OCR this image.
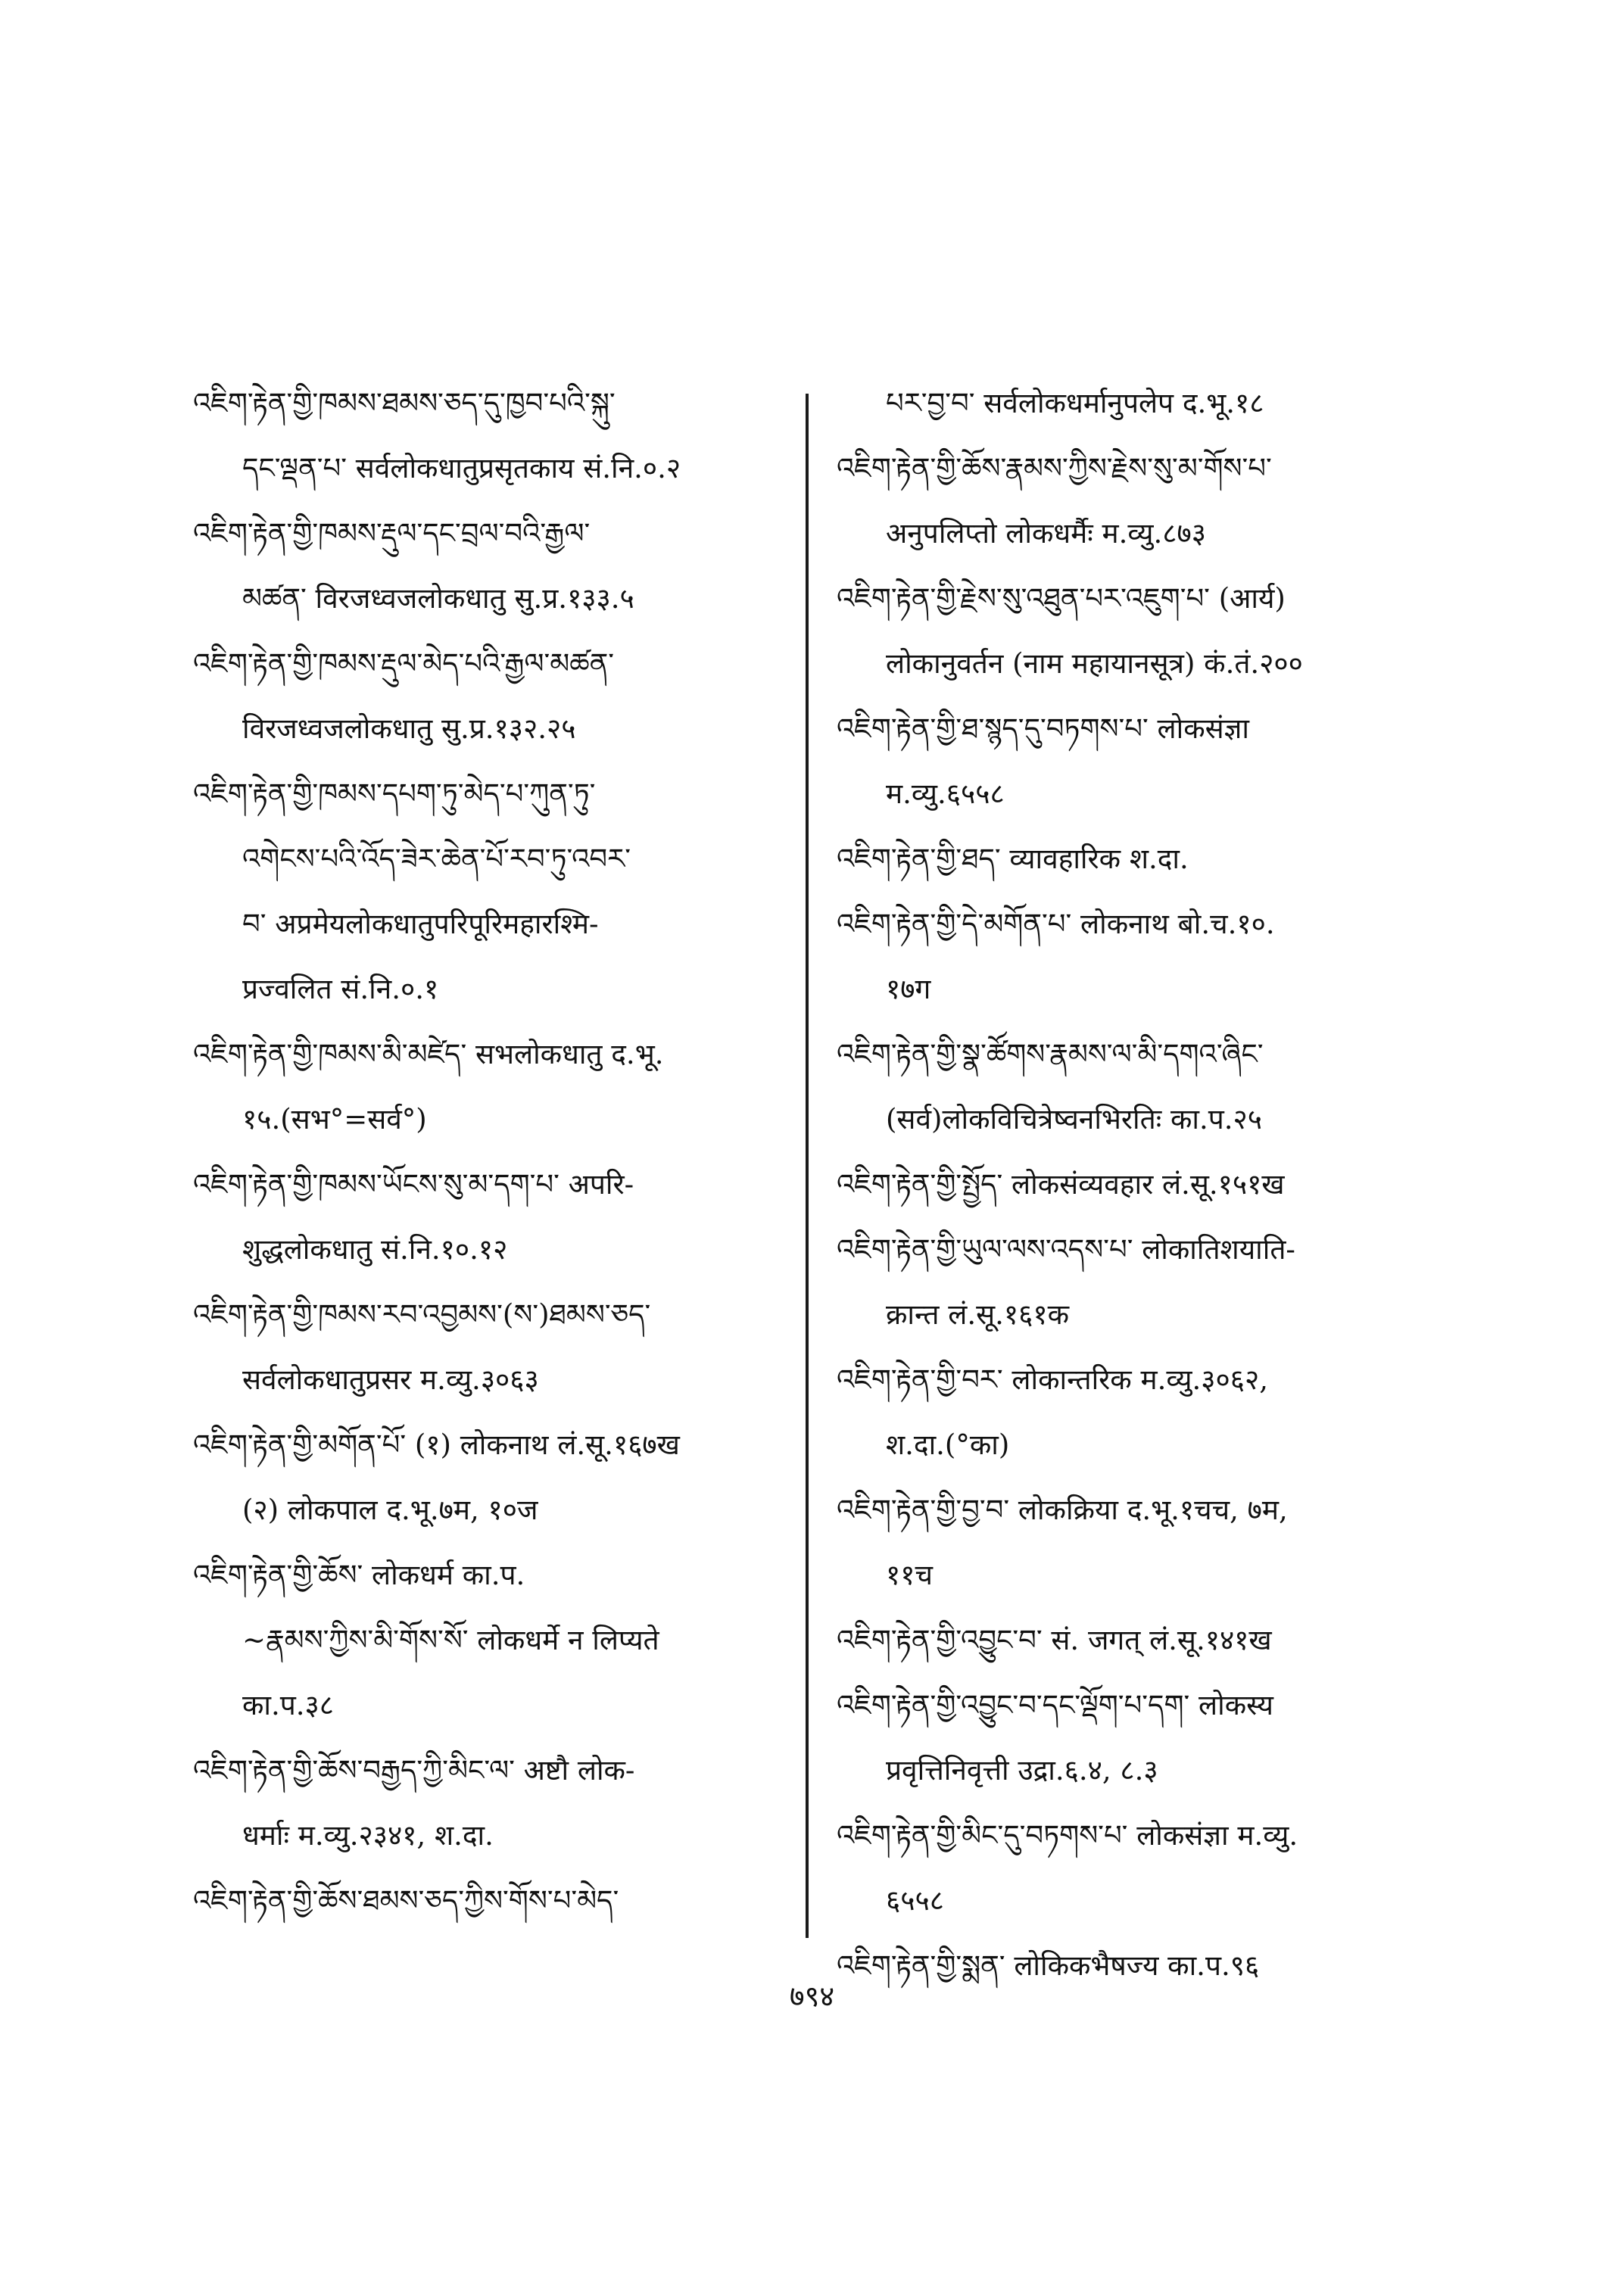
འཇིག་རྟེན་གྱི་ཁམས་ཐམས་ཅད་དུ་ཁྱབ་པའི་སྐུ་
དང་ལྡན་པ་ सर्वलोकधातुप्रसृतकाय सं.नि.०.२
འཇིག་རྟེན་གྱི་ཁམས་རྡུལ་དང་བྲལ་བའི་རྒྱལ་
མཚན་ विरजध्वजलोकधातु सु.प्र.१३३.५
འཇིག་རྟེན་གྱི་ཁམས་རྡུལ་མེད་པའི་རྒྱལ་མཚན་
विरजध्वजलोकधातु सु.प्र.१३२.२५
འཇིག་རྟེན་གྱི་ཁམས་དཔག་ཏུ་མེད་པ་ཀུན་ཏུ་
འགེངས་པའི་འོད་ཟེར་ཆེན་པོ་རབ་ཏུ་འབར་
བ་ अप्रमेयलोकधातुपरिपूरिमहारश्मि-
प्रज्वलित सं.नि.०.१
འཇིག་རྟེན་གྱི་ཁམས་མི་མཛེད་ सभलोकधातु द.भू.
१५.(सभ°=सर्व°)
འཇིག་རྟེན་གྱི་ཁམས་ཡོངས་སུ་མ་དག་པ་ अपरि-
शुद्धलोकधातु सं.नि.१०.१२
འཇིག་རྟེན་གྱི་ཁམས་རབ་འབྱམས་(ས་)ཐམས་ཅད་
सर्वलोकधातुप्रसर म.व्यु.३०६३
འཇིག་རྟེན་གྱི་མགོན་པོ་ (१) लोकनाथ लं.सू.१६७ख
(२) लोकपाल द.भू.७म, १०ज
འཇིག་རྟེན་གྱི་ཆོས་ लोकधर्म का.प.
~རྣམས་ཀྱིས་མི་གོས་སོ་ लोकधर्मे न लिप्यते
का.प.३८
འཇིག་རྟེན་གྱི་ཆོས་བརྒྱད་ཀྱི་མིང་ལ་ अष्टौ लोक-
धर्माः म.व्यु.२३४१, श.दा.
འཇིག་རྟེན་གྱི་ཆོས་ཐམས་ཅད་ཀྱིས་གོས་པ་མེད་
པར་བྱ་བ་ सर्वलोकधर्मानुपलेप द.भू.१८
འཇིག་རྟེན་གྱི་ཆོས་རྣམས་ཀྱིས་རྗེས་སུ་མ་གོས་པ་
अनुपलिप्तो लोकधर्मैः म.व्यु.८७३
འཇིག་རྟེན་གྱི་རྗེས་སུ་འཐུན་པར་འཇུག་པ་ (आर्य)
लोकानुवर्तन (नाम महायानसूत्र) कं.तं.२००
འཇིག་རྟེན་གྱི་ཐ་སྙད་དུ་བཏགས་པ་ लोकसंज्ञा
म.व्यु.६५५८
འཇིག་རྟེན་གྱི་ཐད་ व्यावहारिक श.दा.
འཇིག་རྟེན་གྱི་དེ་མགོན་པ་ लोकनाथ बो.च.१०.
१७ग
འཇིག་རྟེན་གྱི་སྣ་ཚོགས་རྣམས་ལ་མི་དགའ་ཞིང་
(सर्व)लोकविचित्रेष्वनभिरतिः का.प.२५
འཇིག་རྟེན་གྱི་སྤྱོད་ लोकसंव्यवहार लं.सू.१५१ख
འཇིག་རྟེན་གྱི་ཡུལ་ལས་འདས་པ་ लोकातिशयाति-
क्रान्त लं.सू.१६१क
འཇིག་རྟེན་གྱི་བར་ लोकान्तरिक म.व्यु.३०६२,
श.दा.(°का)
འཇིག་རྟེན་གྱི་བྱ་བ་ लोकक्रिया द.भू.१चच, ७म,
११च
འཇིག་རྟེན་གྱི་འབྱུང་བ་ सं. जगत् लं.सू.१४१ख
འཇིག་རྟེན་གྱི་འབྱུང་བ་དང་ལྡོག་པ་དག་ लोकस्य
प्रवृत्तिनिवृत्ती उद्रा.६.४, ८.३
འཇིག་རྟེན་གྱི་མིང་དུ་བཏགས་པ་ लोकसंज्ञा म.व्यु.
६५५८
འཇིག་རྟེན་གྱི་སྨན་ लोकिकभैषज्य का.प.९६
७९४
